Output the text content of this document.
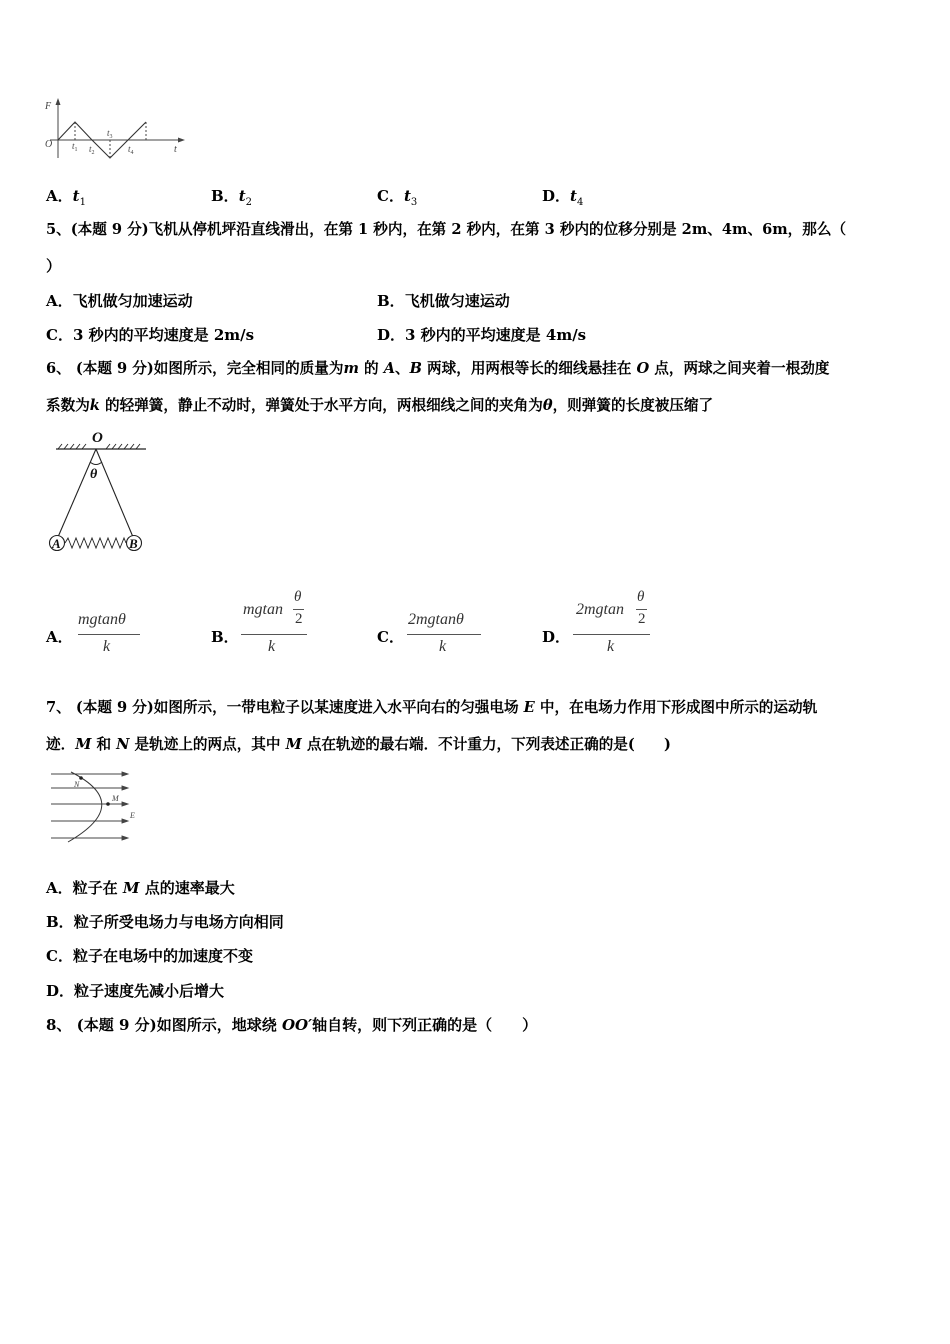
F
O	t
$t_1$ $t_2$
$t_3$
$t_4$
A．$t_1$	B．$t_2$	C．$t_3$	D．$t_4$
5、(本题 9 分)飞机从停机坪沿直线滑出，在第 1 秒内，在第 2 秒内，在第 3 秒内的位移分别是 2m、4m、6m，那么（
）
A．飞机做匀加速运动	B．飞机做匀速运动
C．3 秒内的平均速度是 2m/s	D．3 秒内的平均速度是 4m/s
6、 (本题 9 分)如图所示，完全相同的质量为m 的 A、B 两球，用两根等长的细线悬挂在 O 点，两球之间夹着一根劲度
系数为k 的轻弹簧，静止不动时，弹簧处于水平方向，两根细线之间的夹角为θ，则弹簧的长度被压缩了
O
θ
A	B
A．
mgtanθ
k
B．
mgtan
θ
2
k
C．
2mgtanθ
k
D．
2mgtan
θ
2
k
7、 (本题 9 分)如图所示，一带电粒子以某速度进入水平向右的匀强电场 E 中，在电场力作用下形成图中所示的运动轨
迹．M 和 N 是轨迹上的两点，其中 M 点在轨迹的最右端．不计重力，下列表述正确的是(　　)
N
M
E
A．粒子在 M 点的速率最大
B．粒子所受电场力与电场方向相同
C．粒子在电场中的加速度不变
D．粒子速度先减小后增大
8、 (本题 9 分)如图所示，地球绕 OO′轴自转，则下列正确的是（　　）
